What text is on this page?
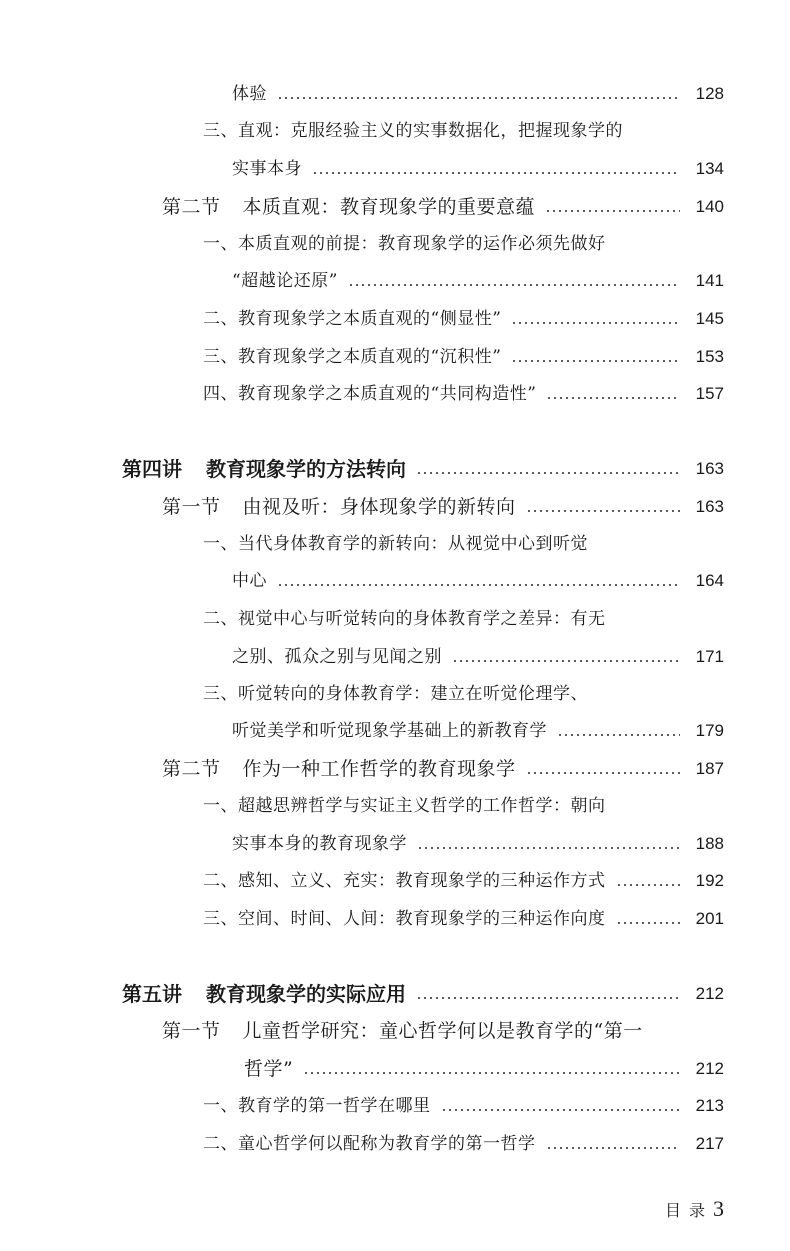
体验	128
三、直观：克服经验主义的实事数据化，把握现象学的
实事本身	134
第二节 本质直观：教育现象学的重要意蕴	140
一、本质直观的前提：教育现象学的运作必须先做好
“超越论还原”	141
二、教育现象学之本质直观的“侧显性”	145
三、教育现象学之本质直观的“沉积性”	153
四、教育现象学之本质直观的“共同构造性”	157
第四讲 教育现象学的方法转向	163
第一节 由视及听：身体现象学的新转向	163
一、当代身体教育学的新转向：从视觉中心到听觉
中心	164
二、视觉中心与听觉转向的身体教育学之差异：有无
之别、孤众之别与见闻之别	171
三、听觉转向的身体教育学：建立在听觉伦理学、
听觉美学和听觉现象学基础上的新教育学	179
第二节 作为一种工作哲学的教育现象学	187
一、超越思辨哲学与实证主义哲学的工作哲学：朝向
实事本身的教育现象学	188
二、感知、立义、充实：教育现象学的三种运作方式	192
三、空间、时间、人间：教育现象学的三种运作向度	201
第五讲 教育现象学的实际应用	212
第一节 儿童哲学研究：童心哲学何以是教育学的“第一
哲学”	212
一、教育学的第一哲学在哪里	213
二、童心哲学何以配称为教育学的第一哲学	217
目录 3
